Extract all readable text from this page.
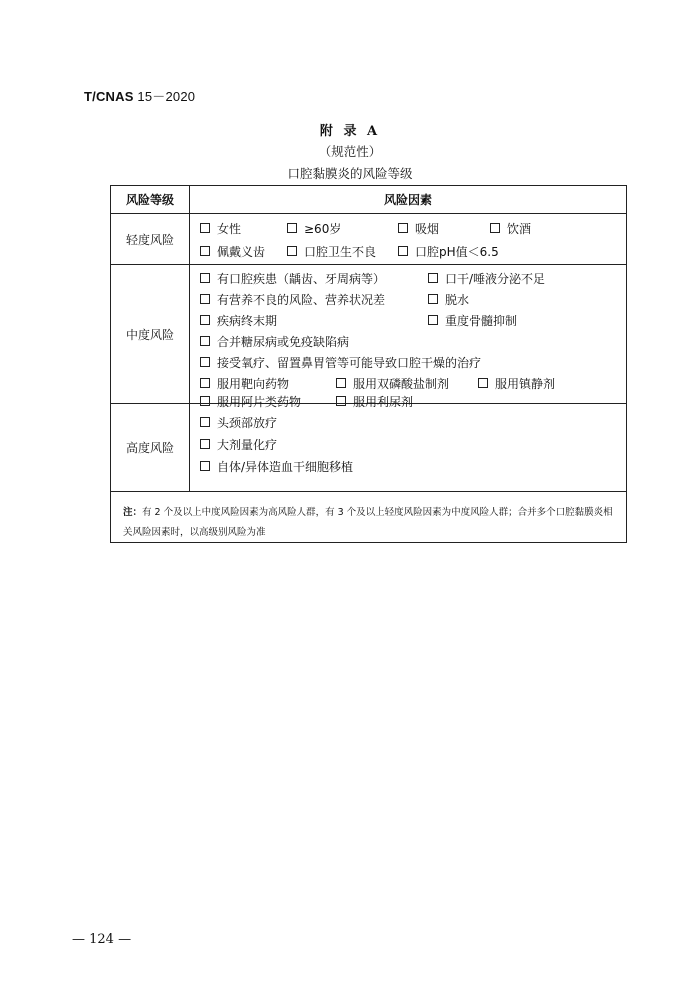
T/CNAS 15－2020
附 录 A
（规范性）
口腔黏膜炎的风险等级
风险等级	风险因素
轻度风险
女性	≥60岁	吸烟	饮酒
佩戴义齿	口腔卫生不良	口腔pH值＜6.5
中度风险
有口腔疾患（龋齿、牙周病等）	口干/唾液分泌不足
有营养不良的风险、营养状况差	脱水
疾病终末期	重度骨髓抑制
合并糖尿病或免疫缺陷病
接受氧疗、留置鼻胃管等可能导致口腔干燥的治疗
服用靶向药物	服用双磷酸盐制剂	服用镇静剂
服用阿片类药物	服用利尿剂
高度风险
头颈部放疗
大剂量化疗
自体/异体造血干细胞移植
注：有 2 个及以上中度风险因素为高风险人群，有 3 个及以上轻度风险因素为中度风险人群；合并多个口腔黏膜炎相关风险因素时，以高级别风险为准
— 124 —
